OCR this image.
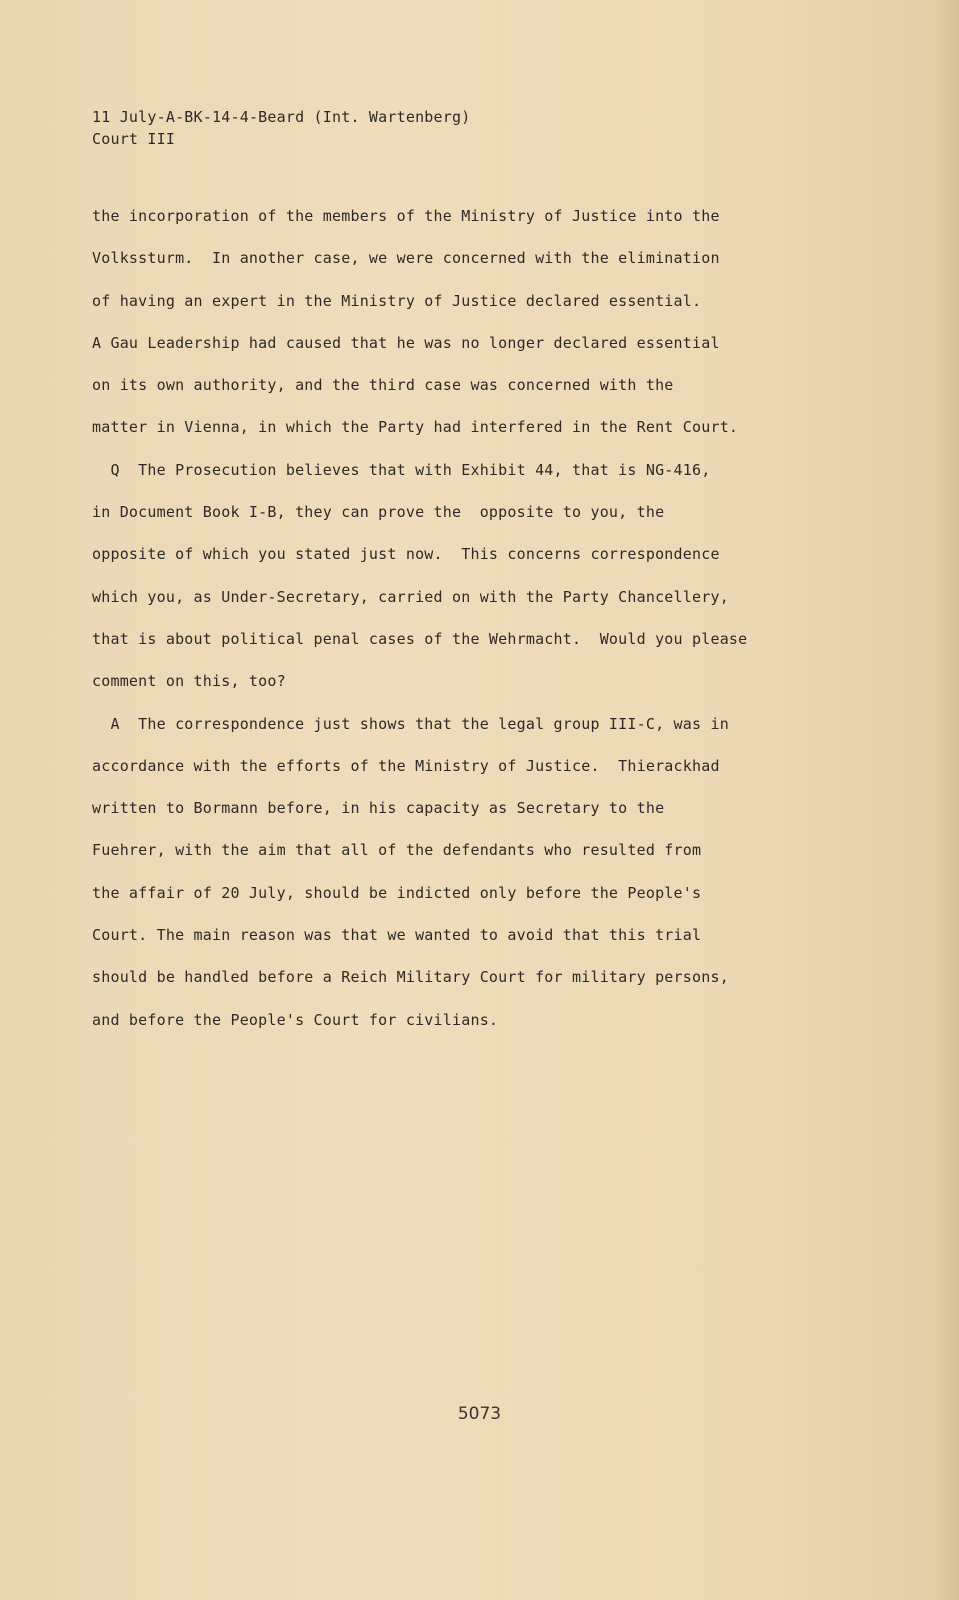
11 July-A-BK-14-4-Beard (Int. Wartenberg)
Court III
the incorporation of the members of the Ministry of Justice into the
Volkssturm.  In another case, we were concerned with the elimination
of having an expert in the Ministry of Justice declared essential.
A Gau Leadership had caused that he was no longer declared essential
on its own authority, and the third case was concerned with the
matter in Vienna, in which the Party had interfered in the Rent Court.
Q  The Prosecution believes that with Exhibit 44, that is NG-416,
in Document Book I-B, they can prove the  opposite to you, the
opposite of which you stated just now.  This concerns correspondence
which you, as Under-Secretary, carried on with the Party Chancellery,
that is about political penal cases of the Wehrmacht.  Would you please
comment on this, too?
A  The correspondence just shows that the legal group III-C, was in
accordance with the efforts of the Ministry of Justice.  Thierackhad
written to Bormann before, in his capacity as Secretary to the
Fuehrer, with the aim that all of the defendants who resulted from
the affair of 20 July, should be indicted only before the People's
Court. The main reason was that we wanted to avoid that this trial
should be handled before a Reich Military Court for military persons,
and before the People's Court for civilians.
5073
